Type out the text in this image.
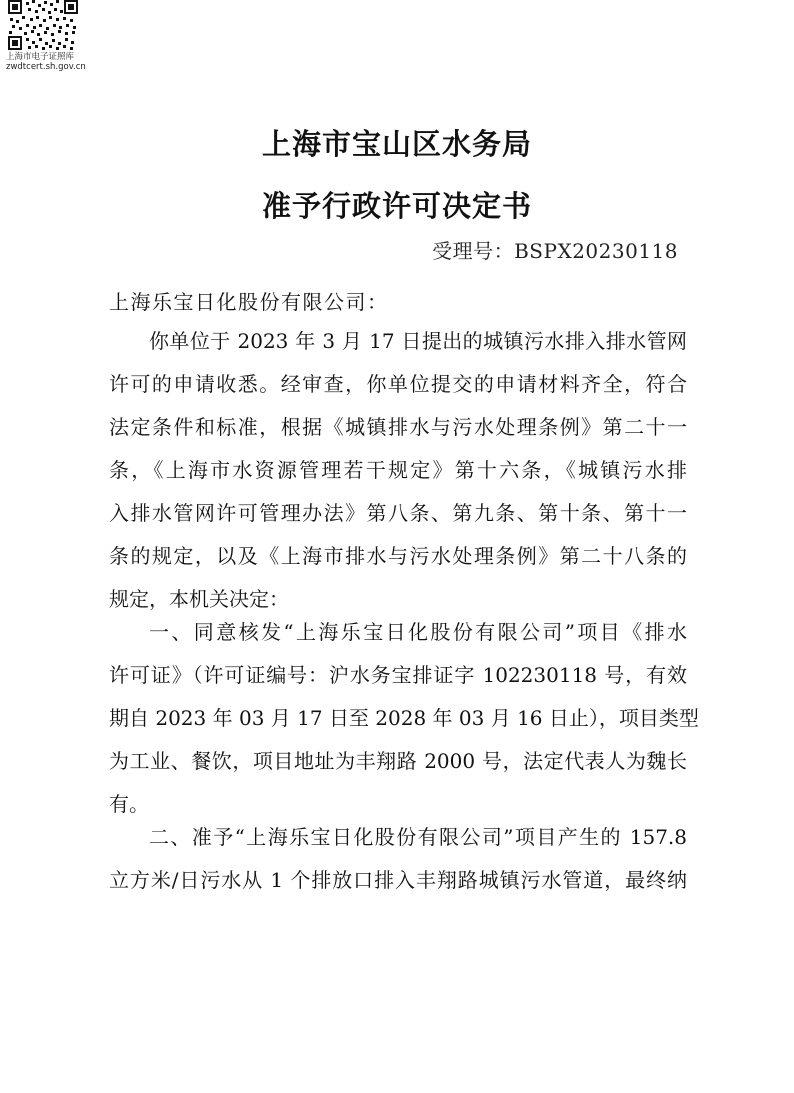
上海市电子证照库
zwdtcert.sh.gov.cn
上海市宝山区水务局
准予行政许可决定书
受理号：BSPX20230118
上海乐宝日化股份有限公司：
你单位于 2023 年 3 月 17 日提出的城镇污水排入排水管网
许可的申请收悉。经审查，你单位提交的申请材料齐全，符合
法定条件和标准，根据《城镇排水与污水处理条例》第二十一
条，《上海市水资源管理若干规定》第十六条，《城镇污水排
入排水管网许可管理办法》第八条、第九条、第十条、第十一
条的规定，以及《上海市排水与污水处理条例》第二十八条的
规定，本机关决定：
一、同意核发“上海乐宝日化股份有限公司”项目《排水
许可证》（许可证编号：沪水务宝排证字 102230118 号，有效
期自 2023 年 03 月 17 日至 2028 年 03 月 16 日止），项目类型
为工业、餐饮，项目地址为丰翔路 2000 号，法定代表人为魏长
有。
二、准予“上海乐宝日化股份有限公司”项目产生的 157.8
立方米/日污水从 1 个排放口排入丰翔路城镇污水管道，最终纳
